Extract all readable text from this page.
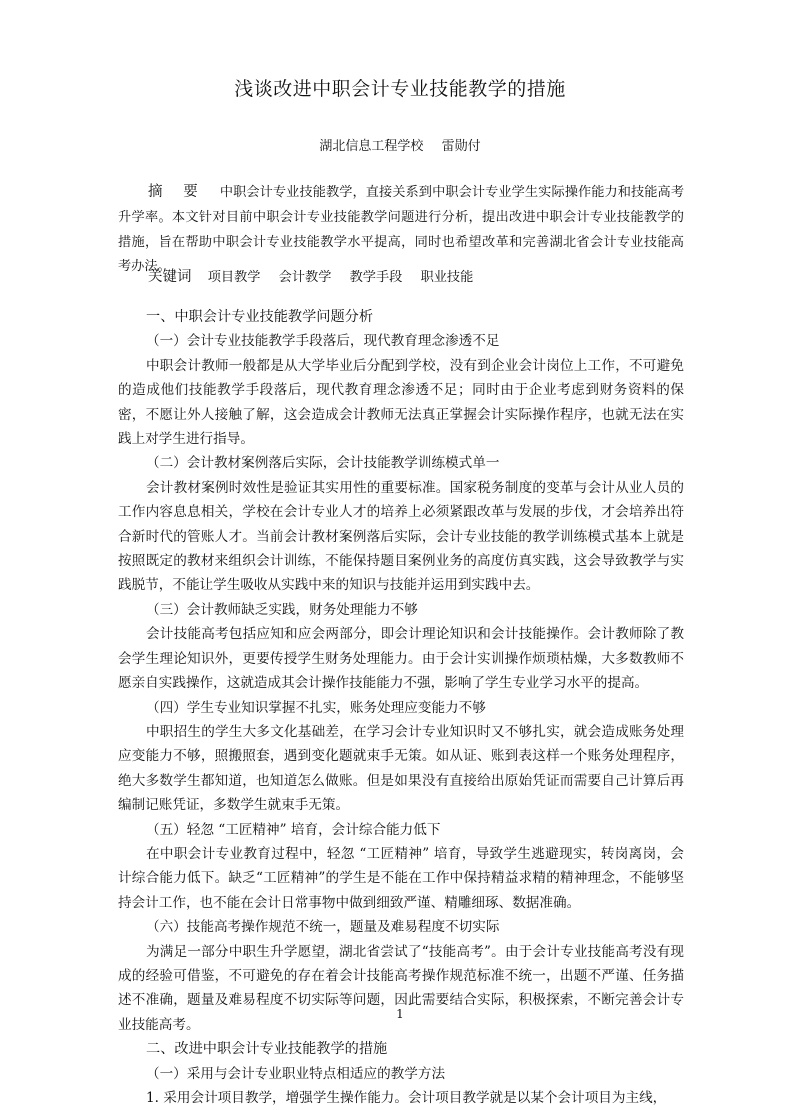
浅谈改进中职会计专业技能教学的措施
湖北信息工程学校 雷勋付
摘 要 中职会计专业技能教学，直接关系到中职会计专业学生实际操作能力和技能高考升学率。本文针对目前中职会计专业技能教学问题进行分析，提出改进中职会计专业技能教学的措施，旨在帮助中职会计专业技能教学水平提高，同时也希望改革和完善湖北省会计专业技能高考办法。
关键词 项目教学 会计教学 教学手段 职业技能

一、中职会计专业技能教学问题分析

（一）会计专业技能教学手段落后，现代教育理念渗透不足

中职会计教师一般都是从大学毕业后分配到学校，没有到企业会计岗位上工作，不可避免的造成他们技能教学手段落后，现代教育理念渗透不足；同时由于企业考虑到财务资料的保密，不愿让外人接触了解，这会造成会计教师无法真正掌握会计实际操作程序，也就无法在实践上对学生进行指导。

（二）会计教材案例落后实际，会计技能教学训练模式单一

会计教材案例时效性是验证其实用性的重要标准。国家税务制度的变革与会计从业人员的工作内容息息相关，学校在会计专业人才的培养上必须紧跟改革与发展的步伐，才会培养出符合新时代的管账人才。当前会计教材案例落后实际，会计专业技能的教学训练模式基本上就是按照既定的教材来组织会计训练，不能保持题目案例业务的高度仿真实践，这会导致教学与实践脱节，不能让学生吸收从实践中来的知识与技能并运用到实践中去。

（三）会计教师缺乏实践，财务处理能力不够

会计技能高考包括应知和应会两部分，即会计理论知识和会计技能操作。会计教师除了教会学生理论知识外，更要传授学生财务处理能力。由于会计实训操作烦琐枯燥，大多数教师不愿亲自实践操作，这就造成其会计操作技能能力不强，影响了学生专业学习水平的提高。

（四）学生专业知识掌握不扎实，账务处理应变能力不够

中职招生的学生大多文化基础差，在学习会计专业知识时又不够扎实，就会造成账务处理应变能力不够，照搬照套，遇到变化题就束手无策。如从证、账到表这样一个账务处理程序，绝大多数学生都知道，也知道怎么做账。但是如果没有直接给出原始凭证而需要自己计算后再编制记账凭证，多数学生就束手无策。

（五）轻忽 “工匠精神” 培育，会计综合能力低下

在中职会计专业教育过程中，轻忽 “工匠精神” 培育，导致学生逃避现实，转岗离岗，会计综合能力低下。缺乏“工匠精神”的学生是不能在工作中保持精益求精的精神理念，不能够坚持会计工作，也不能在会计日常事物中做到细致严谨、精雕细琢、数据准确。

（六）技能高考操作规范不统一，题量及难易程度不切实际

为满足一部分中职生升学愿望，湖北省尝试了“技能高考”。由于会计专业技能高考没有现成的经验可借鉴，不可避免的存在着会计技能高考操作规范标准不统一，出题不严谨、任务描述不准确，题量及难易程度不切实际等问题，因此需要结合实际，积极探索，不断完善会计专业技能高考。

二、改进中职会计专业技能教学的措施

（一）采用与会计专业职业特点相适应的教学方法

1. 采用会计项目教学，增强学生操作能力。会计项目教学就是以某个会计项目为主线，

1
